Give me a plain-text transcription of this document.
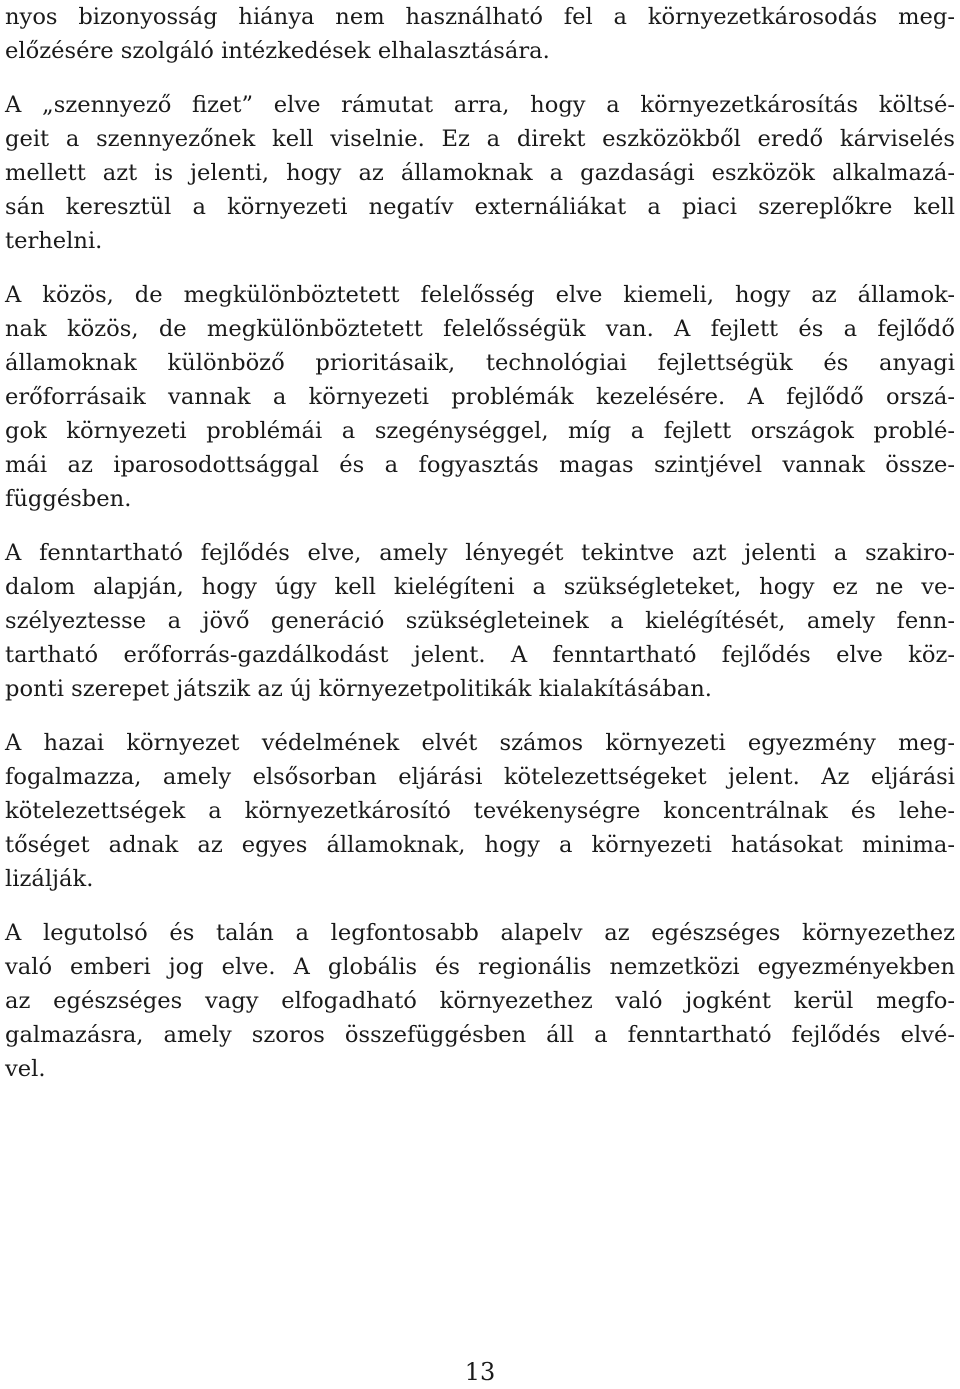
nyos bizonyosság hiánya nem használható fel a környezetkárosodás meg-
előzésére szolgáló intézkedések elhalasztására.
A „szennyező fizet” elve rámutat arra, hogy a környezetkárosítás költsé-
geit a szennyezőnek kell viselnie. Ez a direkt eszközökből eredő kárviselés
mellett azt is jelenti, hogy az államoknak a gazdasági eszközök alkalmazá-
sán keresztül a környezeti negatív externáliákat a piaci szereplőkre kell
terhelni.
A közös, de megkülönböztetett felelősség elve kiemeli, hogy az államok-
nak közös, de megkülönböztetett felelősségük van. A fejlett és a fejlődő
államoknak különböző prioritásaik, technológiai fejlettségük és anyagi
erőforrásaik vannak a környezeti problémák kezelésére. A fejlődő orszá-
gok környezeti problémái a szegénységgel, míg a fejlett országok problé-
mái az iparosodottsággal és a fogyasztás magas szintjével vannak össze-
függésben.
A fenntartható fejlődés elve, amely lényegét tekintve azt jelenti a szakiro-
dalom alapján, hogy úgy kell kielégíteni a szükségleteket, hogy ez ne ve-
szélyeztesse a jövő generáció szükségleteinek a kielégítését, amely fenn-
tartható erőforrás-gazdálkodást jelent. A fenntartható fejlődés elve köz-
ponti szerepet játszik az új környezetpolitikák kialakításában.
A hazai környezet védelmének elvét számos környezeti egyezmény meg-
fogalmazza, amely elsősorban eljárási kötelezettségeket jelent. Az eljárási
kötelezettségek a környezetkárosító tevékenységre koncentrálnak és lehe-
tőséget adnak az egyes államoknak, hogy a környezeti hatásokat minima-
lizálják.
A legutolsó és talán a legfontosabb alapelv az egészséges környezethez
való emberi jog elve. A globális és regionális nemzetközi egyezményekben
az egészséges vagy elfogadható környezethez való jogként kerül megfo-
galmazásra, amely szoros összefüggésben áll a fenntartható fejlődés elvé-
vel.
13
